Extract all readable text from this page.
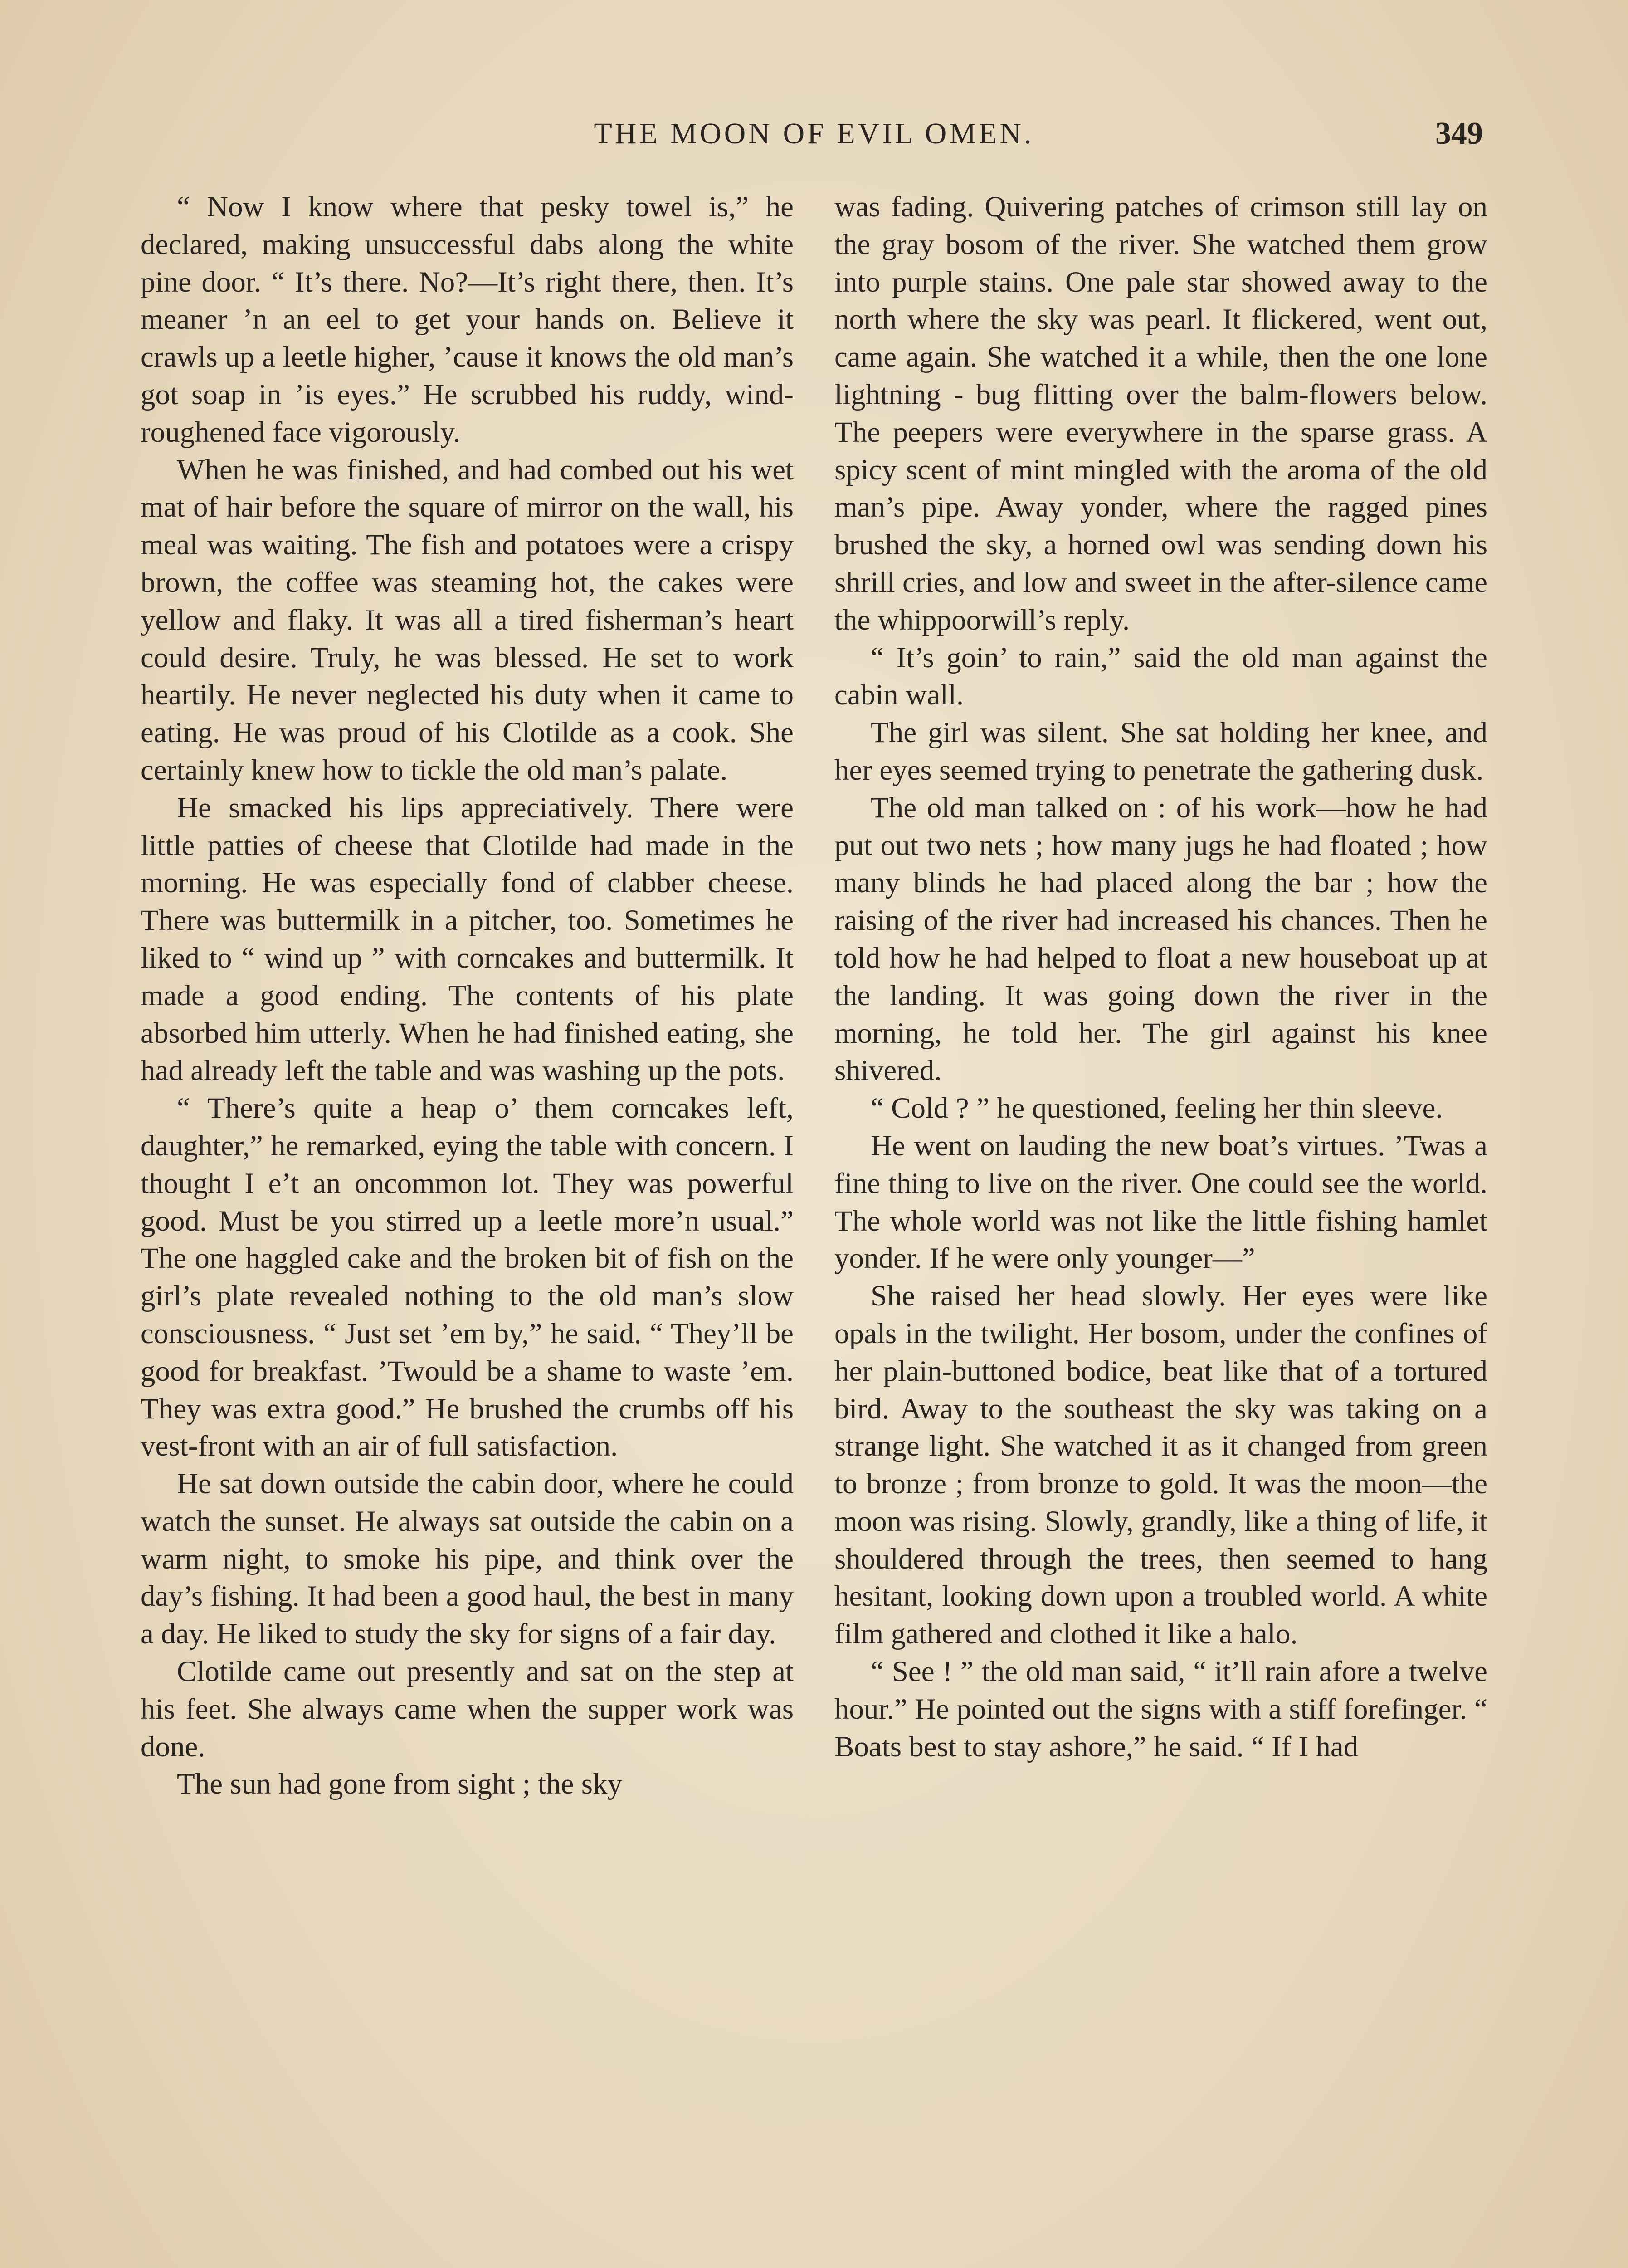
THE MOON OF EVIL OMEN.	349

“ Now I know where that pesky towel is,” he declared, making unsuccessful dabs along the white pine door. “ It’s there. No?—It’s right there, then. It’s meaner ’n an eel to get your hands on. Believe it crawls up a leetle higher, ’cause it knows the old man’s got soap in ’is eyes.” He scrubbed his ruddy, wind-roughened face vigorously.

When he was finished, and had combed out his wet mat of hair before the square of mirror on the wall, his meal was waiting. The fish and potatoes were a crispy brown, the coffee was steaming hot, the cakes were yellow and flaky. It was all a tired fisherman’s heart could desire. Truly, he was blessed. He set to work heartily. He never neglected his duty when it came to eating. He was proud of his Clotilde as a cook. She certainly knew how to tickle the old man’s palate.

He smacked his lips appreciatively. There were little patties of cheese that Clotilde had made in the morning. He was especially fond of clabber cheese. There was buttermilk in a pitcher, too. Sometimes he liked to “ wind up ” with corncakes and buttermilk. It made a good ending. The contents of his plate absorbed him utterly. When he had finished eating, she had already left the table and was washing up the pots.

“ There’s quite a heap o’ them corncakes left, daughter,” he remarked, eying the table with concern. I thought I e’t an oncommon lot. They was powerful good. Must be you stirred up a leetle more’n usual.” The one haggled cake and the broken bit of fish on the girl’s plate revealed nothing to the old man’s slow consciousness. “ Just set ’em by,” he said. “ They’ll be good for breakfast. ’Twould be a shame to waste ’em. They was extra good.” He brushed the crumbs off his vest-front with an air of full satisfaction.

He sat down outside the cabin door, where he could watch the sunset. He always sat outside the cabin on a warm night, to smoke his pipe, and think over the day’s fishing. It had been a good haul, the best in many a day. He liked to study the sky for signs of a fair day.

Clotilde came out presently and sat on the step at his feet. She always came when the supper work was done.

The sun had gone from sight ; the sky

was fading. Quivering patches of crimson still lay on the gray bosom of the river. She watched them grow into purple stains. One pale star showed away to the north where the sky was pearl. It flickered, went out, came again. She watched it a while, then the one lone lightning - bug flitting over the balm-flowers below. The peepers were everywhere in the sparse grass. A spicy scent of mint mingled with the aroma of the old man’s pipe. Away yonder, where the ragged pines brushed the sky, a horned owl was sending down his shrill cries, and low and sweet in the after-silence came the whippoorwill’s reply.

“ It’s goin’ to rain,” said the old man against the cabin wall.

The girl was silent. She sat holding her knee, and her eyes seemed trying to penetrate the gathering dusk.

The old man talked on : of his work—how he had put out two nets ; how many jugs he had floated ; how many blinds he had placed along the bar ; how the raising of the river had increased his chances. Then he told how he had helped to float a new houseboat up at the landing. It was going down the river in the morning, he told her. The girl against his knee shivered.

“ Cold ? ” he questioned, feeling her thin sleeve.

He went on lauding the new boat’s virtues. ’Twas a fine thing to live on the river. One could see the world. The whole world was not like the little fishing hamlet yonder. If he were only younger—”

She raised her head slowly. Her eyes were like opals in the twilight. Her bosom, under the confines of her plain-buttoned bodice, beat like that of a tortured bird. Away to the southeast the sky was taking on a strange light. She watched it as it changed from green to bronze ; from bronze to gold. It was the moon—the moon was rising. Slowly, grandly, like a thing of life, it shouldered through the trees, then seemed to hang hesitant, looking down upon a troubled world. A white film gathered and clothed it like a halo.

“ See ! ” the old man said, “ it’ll rain afore a twelve hour.” He pointed out the signs with a stiff forefinger. “ Boats best to stay ashore,” he said. “ If I had
